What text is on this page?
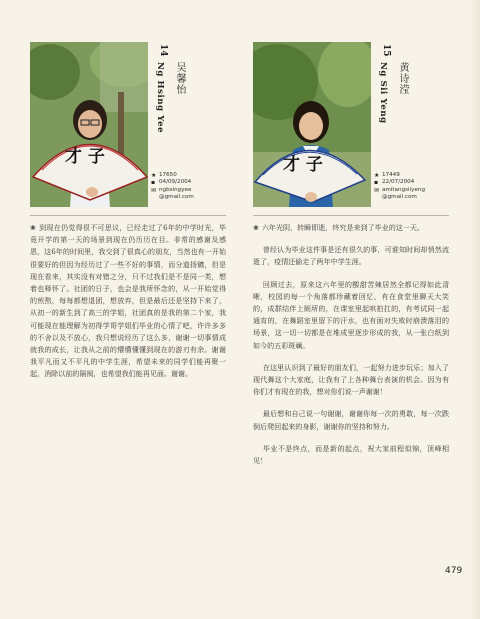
才 子
14
Ng Hsing Yee 吴馨怡
★ 17650
▪ 04/09/2004
✉ ngbsingyee
@gmail.com

❀ 到现在仍觉得很不可思议，已经走过了6年的中学时光，毕竟开学的第一天的场景到现在仍历历在目。非常的感谢及感恩，这6年的时间里，我交到了很真心的朋友，当然也有一开始很要好的但因为经历过了一些不好的事情，而分道扬镳，但是现在看来，其实没有对错之分，只不过我们是不是同一类，想着也释怀了。社团的日子，也会是我所怀念的，从一开始觉得的煎熬，每每都想退团，想放弃，但是最后还是坚持下来了，从初一的新生到了高三的学姐，社团真的是我的第二个家，我可能现在能理解为初得学哥学姐们毕业的心情了吧，许许多多的不舍以及不放心，我只想说经历了这么多，谢谢一切事情成就我的成长，让我从之前的懵懵懂懂到现在的游刃有余。谢谢我平凡而又不平凡的中学生涯，希望未来的同学们能再聚一起，消除以前的隔阂，也希望我们能再见面。谢谢。

才 子
15
Ng Sii Yeng 黄诗滢
★ 17449
▪ 22/07/2004
✉ amitangsiiyeng
@gmail.com

❀ 六年光阴，转瞬即逝，终究是来到了毕业的这一天。

曾经认为毕业这件事是还有很久的事，可谁知时间却悄然流逝了，疫情还偷走了两年中学生涯。

回顾过去，原来这六年里的酸甜苦辣居然全都记得如此清晰，校园的每一个角落都珍藏着回忆，有在食堂里聊天大笑的，成群结伴上厕所的，在课室里起哄拍扛的，有考试同一起通宵的，在舞蹈室里留下的汗水，也有面对失败时崩溃落泪的场景，这一切一切都是在堆成里逐步形成的我，从一张白纸到如今的五彩斑斓。

在这里认识到了最好的朋友们，一起努力进步玩乐；加入了现代舞这个大家庭，让我有了上各种舞台表演的机会。因为有你们才有现在的我，想对你们说一声谢谢！

最后想和自己说一句谢谢，谢谢你每一次的勇敢，每一次跌倒后爬回起来的身影，谢谢你的坚持和努力。

毕业不是终点，而是新的起点，祝大家前程似锦，顶峰相见！

479
